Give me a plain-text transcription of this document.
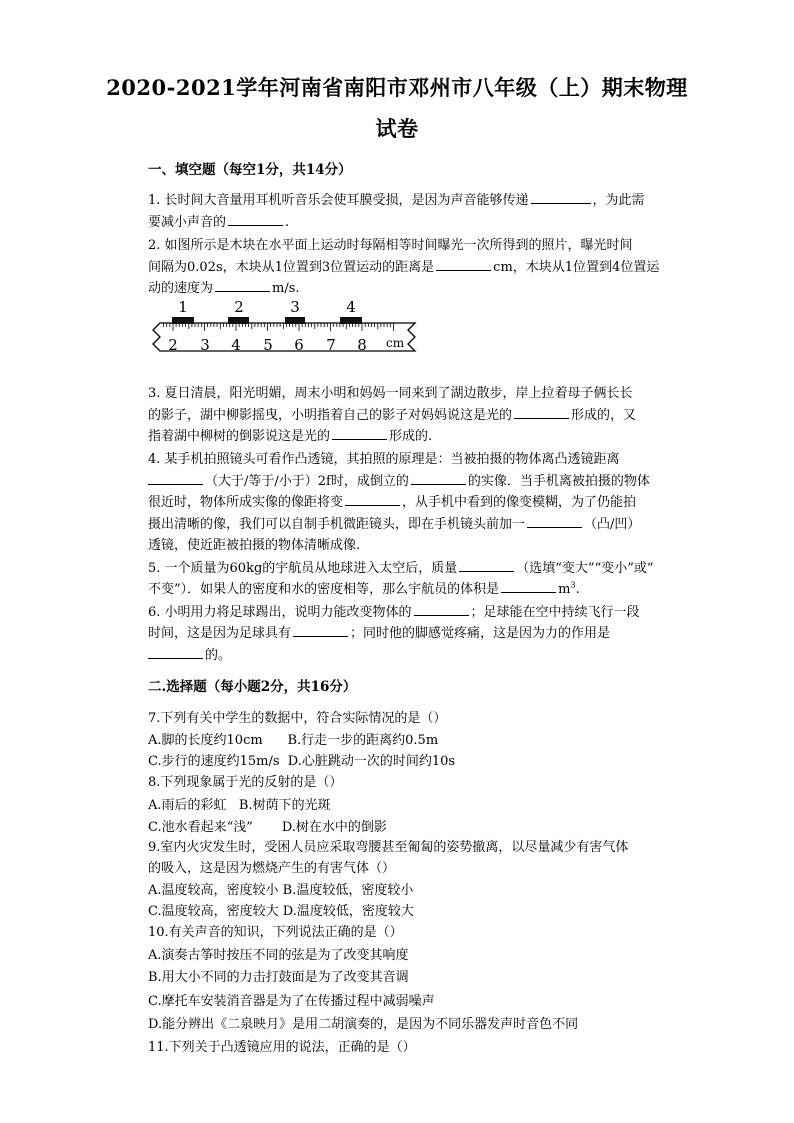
2020-2021学年河南省南阳市邓州市八年级（上）期末物理
试卷
一、填空题（每空1分，共14分）
1. 长时间大音量用耳机听音乐会使耳膜受损，是因为声音能够传递	，为此需
要减小声音的	.
2. 如图所示是木块在水平面上运动时每隔相等时间曝光一次所得到的照片，曝光时间
间隔为0.02s，木块从1位置到3位置运动的距离是	cm，木块从1位置到4位置运
动的速度为	m/s.
1	2	3	4
2 3 4 5 6 7 8 cm
3. 夏日清晨，阳光明媚，周末小明和妈妈一同来到了湖边散步，岸上拉着母子俩长长
的影子，湖中柳影摇曳，小明指着自己的影子对妈妈说这是光的	形成的，又
指着湖中柳树的倒影说这是光的	形成的.
4. 某手机拍照镜头可看作凸透镜，其拍照的原理是：当被拍摄的物体离凸透镜距离
（大于/等于/小于）2f时，成倒立的	的实像．当手机离被拍摄的物体
很近时，物体所成实像的像距将变	，从手机中看到的像变模糊，为了仍能拍
摄出清晰的像，我们可以自制手机微距镜头，即在手机镜头前加一	（凸/凹）
透镜，使近距被拍摄的物体清晰成像.
5. 一个质量为60kg的宇航员从地球进入太空后，质量	（选填“变大”“变小”或“
不变”）．如果人的密度和水的密度相等，那么宇航员的体积是	$m^3$.
6. 小明用力将足球踢出，说明力能改变物体的	；足球能在空中持续飞行一段
时间，这是因为足球具有	；同时他的脚感觉疼痛，这是因为力的作用是
的。
二.选择题（每小题2分，共16分）
7.下列有关中学生的数据中，符合实际情况的是（）
A.脚的长度约10cm      B.行走一步的距离约0.5m
C.步行的速度约15m/s  D.心脏跳动一次的时间约10s
8.下列现象属于光的反射的是（）
A.雨后的彩虹   B.树荫下的光斑
C.池水看起来“浅”       D.树在水中的倒影
9.室内火灾发生时，受困人员应采取弯腰甚至匍匐的姿势撤离，以尽量减少有害气体
的吸入，这是因为燃烧产生的有害气体（）
A.温度较高，密度较小 B.温度较低，密度较小
C.温度较高，密度较大 D.温度较低，密度较大
10.有关声音的知识，下列说法正确的是（）
A.演奏古筝时按压不同的弦是为了改变其响度
B.用大小不同的力击打鼓面是为了改变其音调
C.摩托车安装消音器是为了在传播过程中减弱噪声
D.能分辨出《二泉映月》是用二胡演奏的，是因为不同乐器发声时音色不同
11.下列关于凸透镜应用的说法，正确的是（）
